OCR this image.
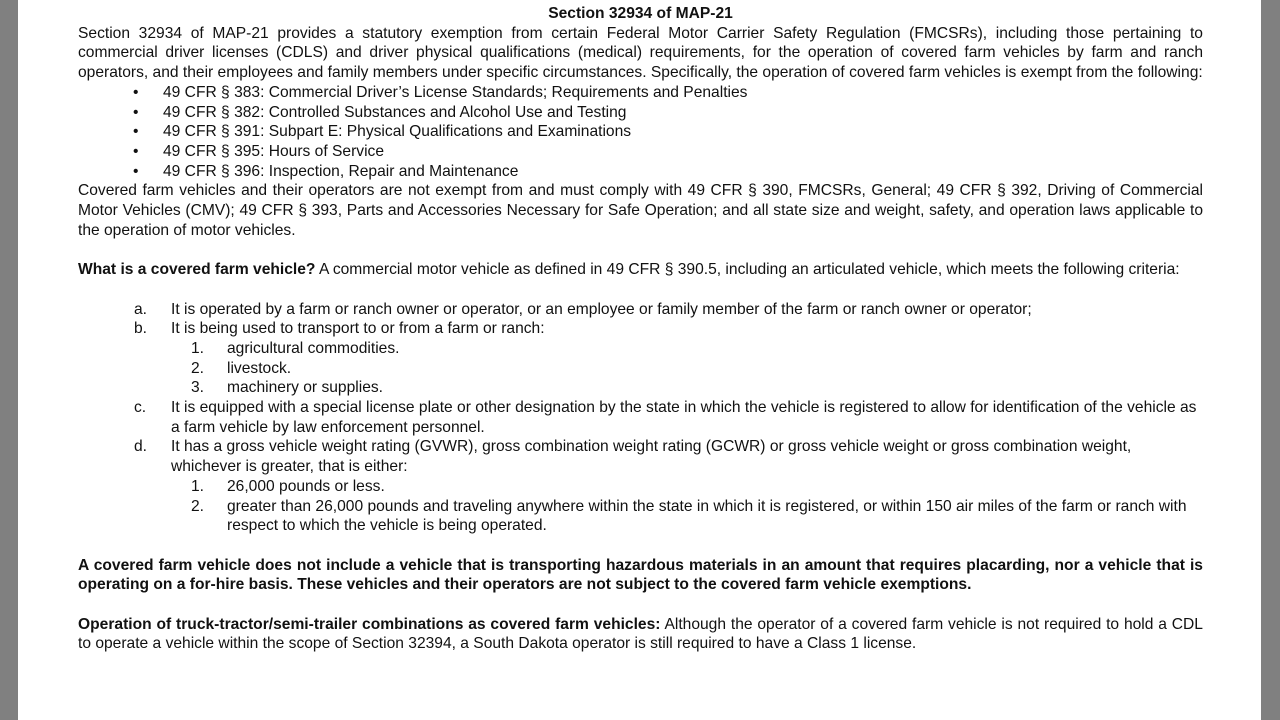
Section 32934 of MAP-21

Section 32934 of MAP-21 provides a statutory exemption from certain Federal Motor Carrier Safety Regulation (FMCSRs), including those pertaining to commercial driver licenses (CDLS) and driver physical qualifications (medical) requirements, for the operation of covered farm vehicles by farm and ranch operators, and their employees and family members under specific circumstances. Specifically, the operation of covered farm vehicles is exempt from the following:

• 49 CFR § 383: Commercial Driver’s License Standards; Requirements and Penalties
• 49 CFR § 382: Controlled Substances and Alcohol Use and Testing
• 49 CFR § 391: Subpart E: Physical Qualifications and Examinations
• 49 CFR § 395: Hours of Service
• 49 CFR § 396: Inspection, Repair and Maintenance

Covered farm vehicles and their operators are not exempt from and must comply with 49 CFR § 390, FMCSRs, General; 49 CFR § 392, Driving of Commercial Motor Vehicles (CMV); 49 CFR § 393, Parts and Accessories Necessary for Safe Operation; and all state size and weight, safety, and operation laws applicable to the operation of motor vehicles.

What is a covered farm vehicle? A commercial motor vehicle as defined in 49 CFR § 390.5, including an articulated vehicle, which meets the following criteria:

a. It is operated by a farm or ranch owner or operator, or an employee or family member of the farm or ranch owner or operator;
b. It is being used to transport to or from a farm or ranch:
1. agricultural commodities.
2. livestock.
3. machinery or supplies.
c. It is equipped with a special license plate or other designation by the state in which the vehicle is registered to allow for identification of the vehicle as a farm vehicle by law enforcement personnel.
d. It has a gross vehicle weight rating (GVWR), gross combination weight rating (GCWR) or gross vehicle weight or gross combination weight, whichever is greater, that is either:
1. 26,000 pounds or less.
2. greater than 26,000 pounds and traveling anywhere within the state in which it is registered, or within 150 air miles of the farm or ranch with respect to which the vehicle is being operated.

A covered farm vehicle does not include a vehicle that is transporting hazardous materials in an amount that requires placarding, nor a vehicle that is operating on a for-hire basis. These vehicles and their operators are not subject to the covered farm vehicle exemptions.

Operation of truck-tractor/semi-trailer combinations as covered farm vehicles: Although the operator of a covered farm vehicle is not required to hold a CDL to operate a vehicle within the scope of Section 32394, a South Dakota operator is still required to have a Class 1 license.
